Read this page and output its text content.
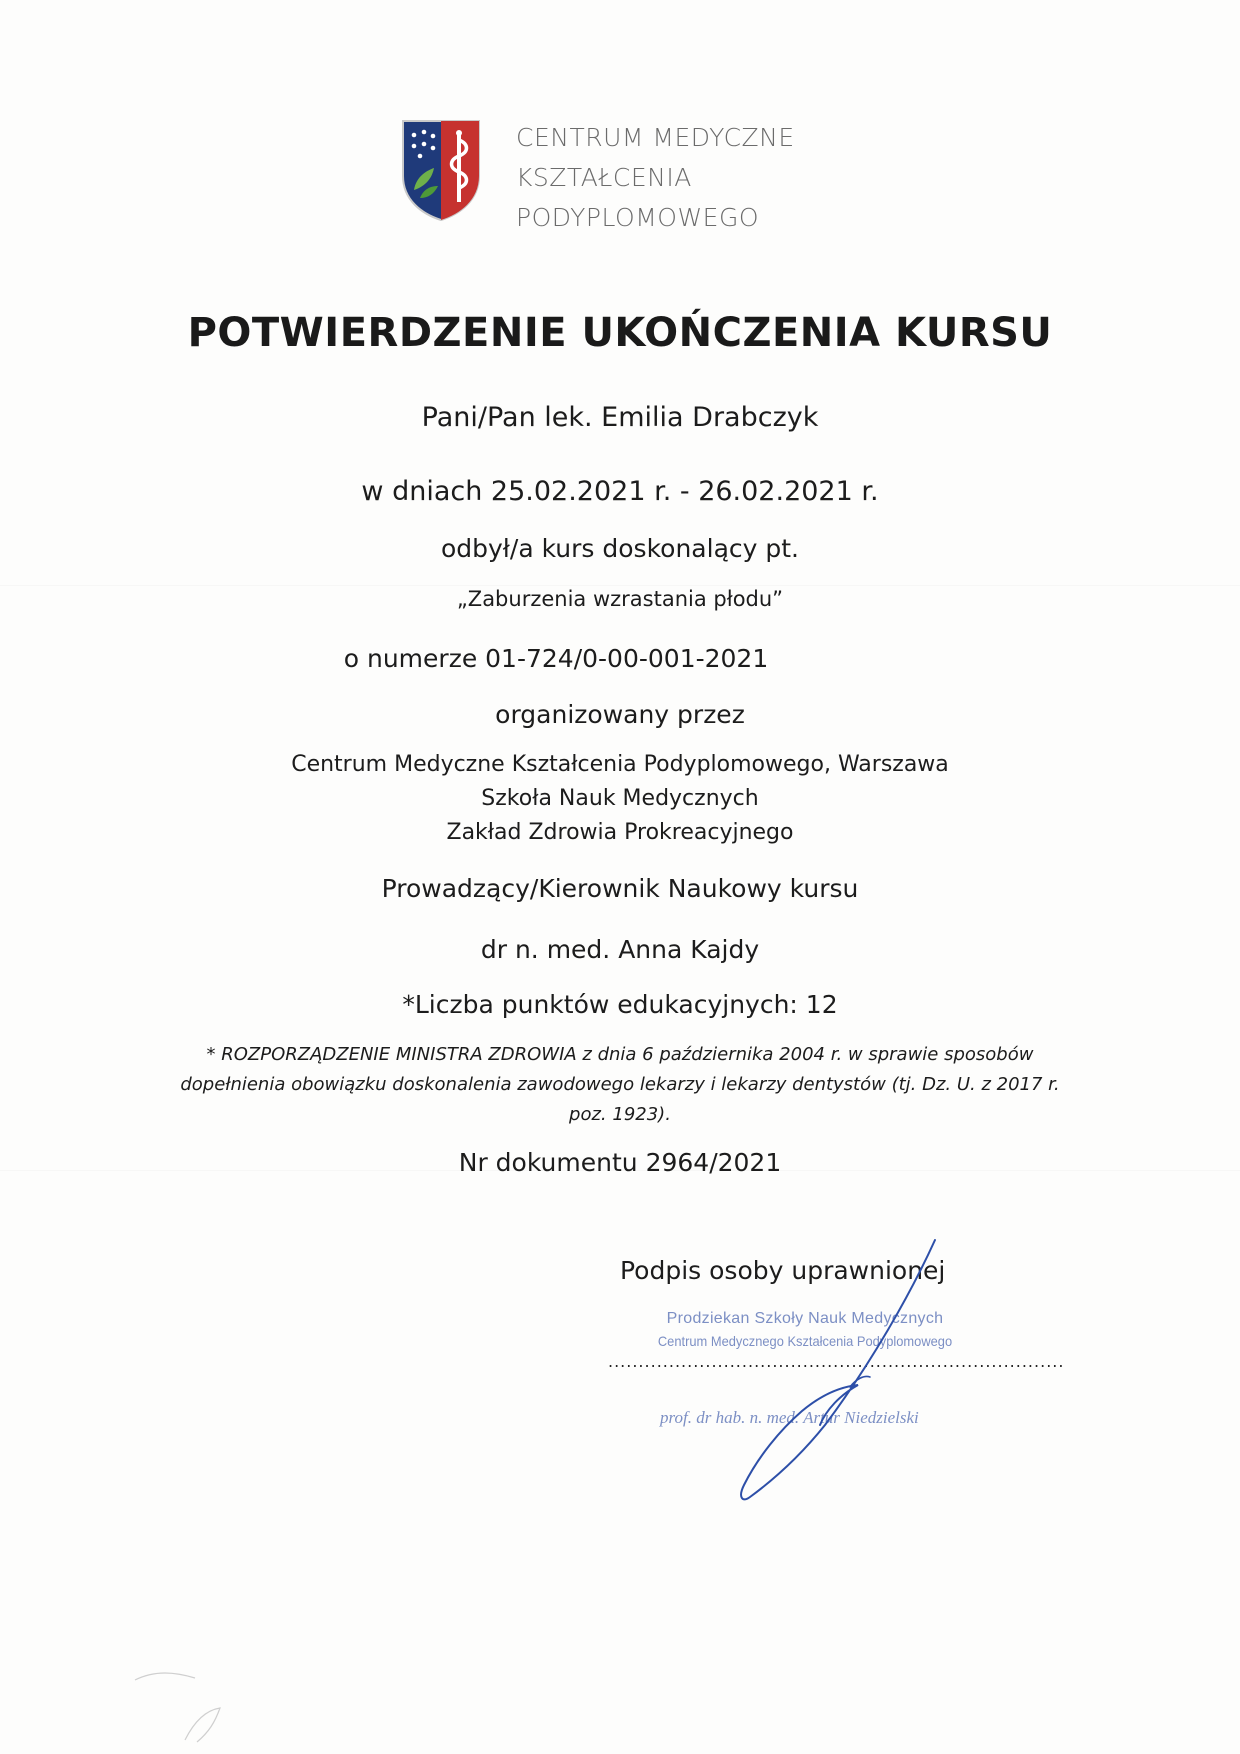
CENTRUM MEDYCZNE
KSZTAŁCENIA
PODYPLOMOWEGO
POTWIERDZENIE UKOŃCZENIA KURSU
Pani/Pan lek. Emilia Drabczyk
w dniach 25.02.2021 r. - 26.02.2021 r.
odbył/a kurs doskonalący pt.
„Zaburzenia wzrastania płodu”
o numerze 01-724/0-00-001-2021
organizowany przez
Centrum Medyczne Kształcenia Podyplomowego, Warszawa
Szkoła Nauk Medycznych
Zakład Zdrowia Prokreacyjnego
Prowadzący/Kierownik Naukowy kursu
dr n. med. Anna Kajdy
*Liczba punktów edukacyjnych: 12
* ROZPORZĄDZENIE MINISTRA ZDROWIA z dnia 6 października 2004 r. w sprawie sposobów
dopełnienia obowiązku doskonalenia zawodowego lekarzy i lekarzy dentystów (tj. Dz. U. z 2017 r.
poz. 1923).
Nr dokumentu 2964/2021
Podpis osoby uprawnionej
Prodziekan Szkoły Nauk Medycznych
Centrum Medycznego Kształcenia Podyplomowego
...........................................................................
prof. dr hab. n. med. Artur Niedzielski
